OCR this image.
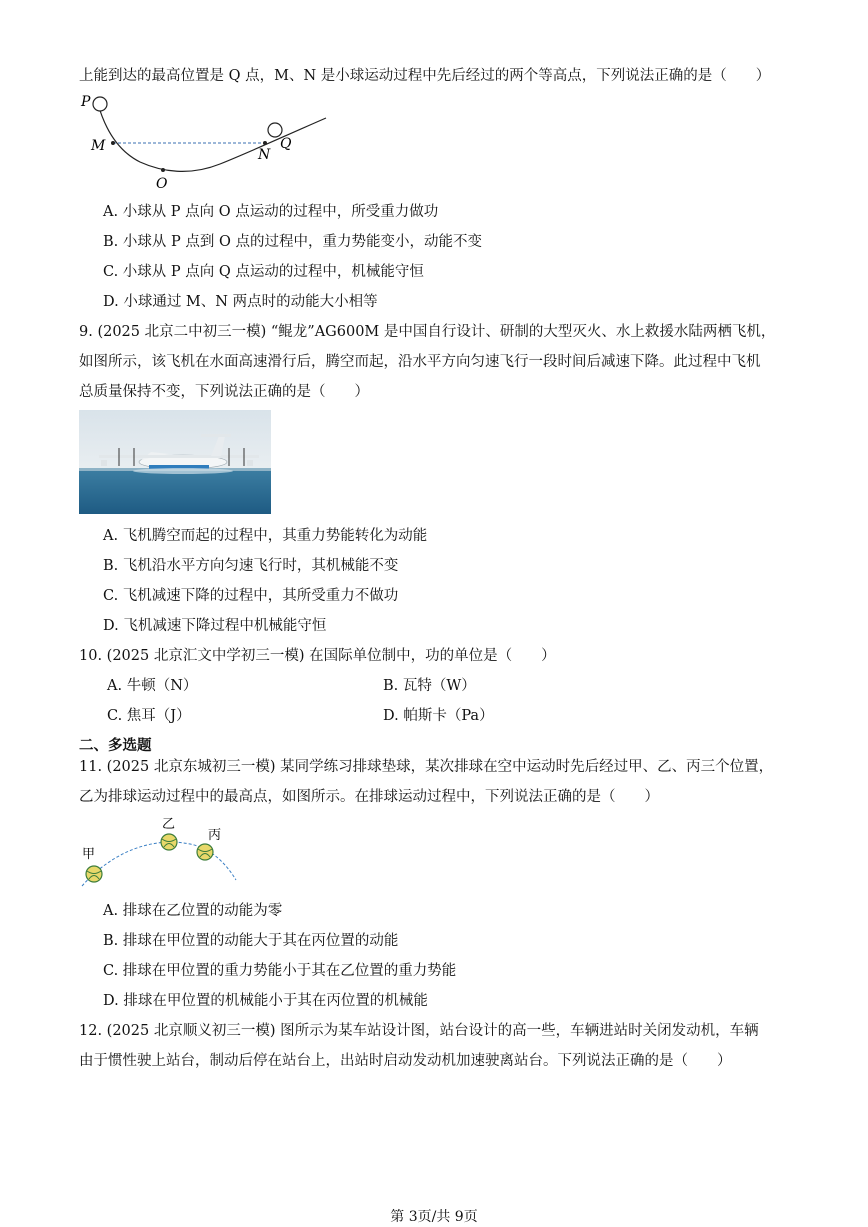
上能到达的最高位置是 Q 点，M、N 是小球运动过程中先后经过的两个等高点，下列说法正确的是（　　）
P
M
O
N
Q
A. 小球从 P 点向 O 点运动的过程中，所受重力做功
B. 小球从 P 点到 O 点的过程中，重力势能变小，动能不变
C. 小球从 P 点向 Q 点运动的过程中，机械能守恒
D. 小球通过 M、N 两点时的动能大小相等
9. (2025 北京二中初三一模) “鲲龙”AG600M 是中国自行设计、研制的大型灭火、水上救援水陆两栖飞机，
如图所示，该飞机在水面高速滑行后，腾空而起，沿水平方向匀速飞行一段时间后减速下降。此过程中飞机
总质量保持不变，下列说法正确的是（　　）
A. 飞机腾空而起的过程中，其重力势能转化为动能
B. 飞机沿水平方向匀速飞行时，其机械能不变
C. 飞机减速下降的过程中，其所受重力不做功
D. 飞机减速下降过程中机械能守恒
10. (2025 北京汇文中学初三一模) 在国际单位制中，功的单位是（　　）
A. 牛顿（N）	B. 瓦特（W）
C. 焦耳（J）	D. 帕斯卡（Pa）
二、多选题
11. (2025 北京东城初三一模) 某同学练习排球垫球，某次排球在空中运动时先后经过甲、乙、丙三个位置，
乙为排球运动过程中的最高点，如图所示。在排球运动过程中，下列说法正确的是（　　）
甲
乙
丙
A. 排球在乙位置的动能为零
B. 排球在甲位置的动能大于其在丙位置的动能
C. 排球在甲位置的重力势能小于其在乙位置的重力势能
D. 排球在甲位置的机械能小于其在丙位置的机械能
12. (2025 北京顺义初三一模) 图所示为某车站设计图，站台设计的高一些，车辆进站时关闭发动机，车辆
由于惯性驶上站台，制动后停在站台上，出站时启动发动机加速驶离站台。下列说法正确的是（　　）
第 3页/共 9页
